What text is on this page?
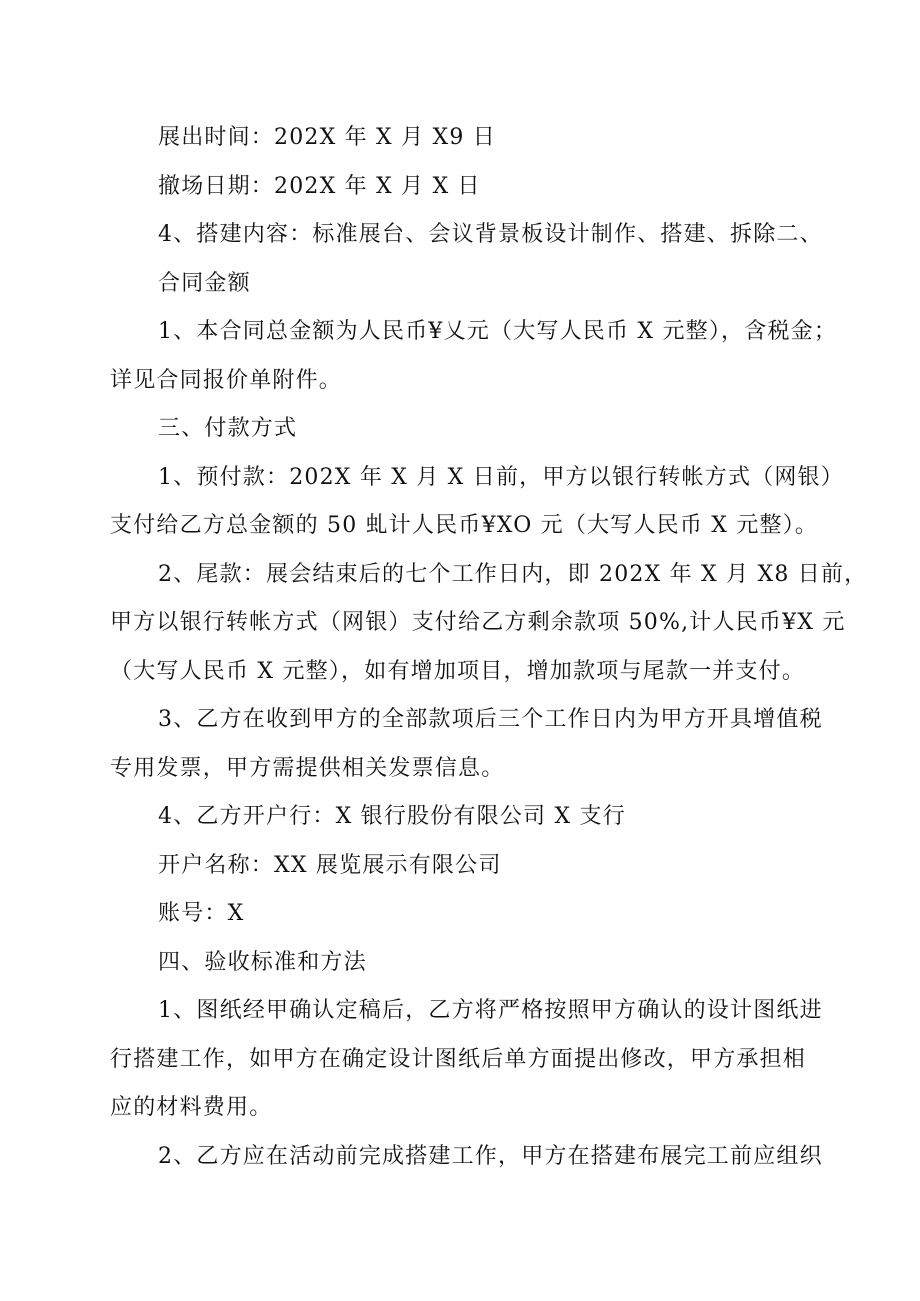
展出时间：202X 年 X 月 X9 日

撤场日期：202X 年 X 月 X 日

4、搭建内容：标准展台、会议背景板设计制作、搭建、拆除二、

合同金额

1、本合同总金额为人民币¥乂元（大写人民币 X 元整），含税金；

详见合同报价单附件。

三、付款方式

1、预付款：202X 年 X 月 X 日前，甲方以银行转帐方式（网银）

支付给乙方总金额的 50 虬计人民币¥XO 元（大写人民币 X 元整）。

2、尾款：展会结束后的七个工作日内，即 202X 年 X 月 X8 日前，

甲方以银行转帐方式（网银）支付给乙方剩余款项 50%,计人民币¥X 元

（大写人民币 X 元整），如有增加项目，增加款项与尾款一并支付。

3、乙方在收到甲方的全部款项后三个工作日内为甲方开具增值税

专用发票，甲方需提供相关发票信息。

4、乙方开户行：X 银行股份有限公司 X 支行

开户名称：XX 展览展示有限公司

账号：X

四、验收标准和方法

1、图纸经甲确认定稿后，乙方将严格按照甲方确认的设计图纸进

行搭建工作，如甲方在确定设计图纸后单方面提出修改，甲方承担相

应的材料费用。

2、乙方应在活动前完成搭建工作，甲方在搭建布展完工前应组织
